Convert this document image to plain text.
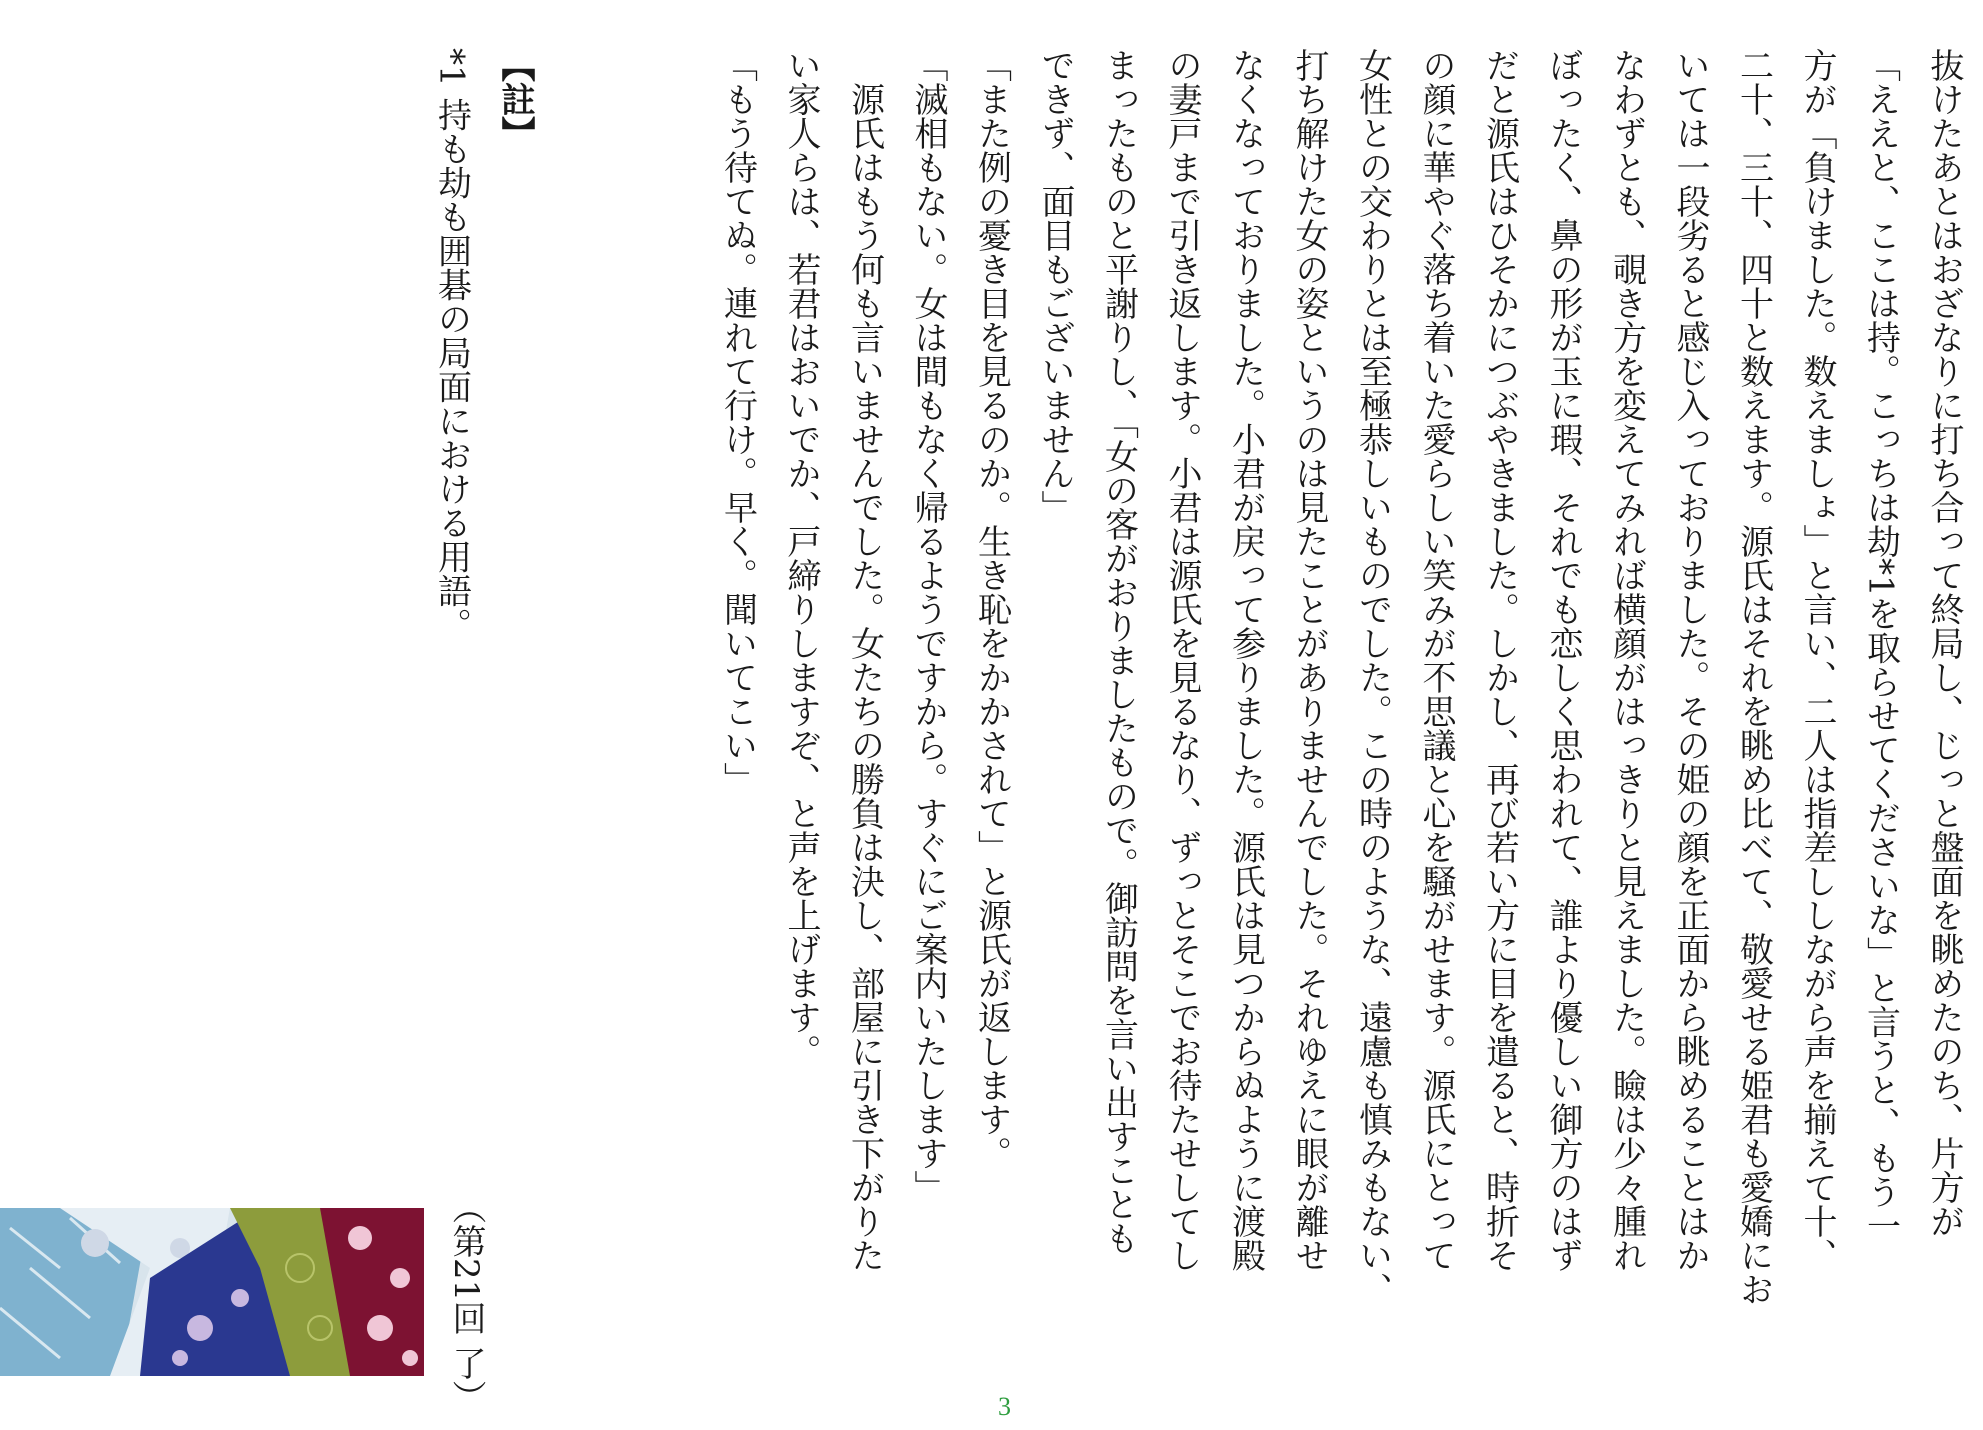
抜けたあとはおざなりに打ち合って終局し、じっと盤面を眺めたのち、片方が
「ええと、ここは持。こっちは劫*1を取らせてくださいな」と言うと、もう一
方が「負けました。数えましょ」と言い、二人は指差ししながら声を揃えて十、
二十、三十、四十と数えます。源氏はそれを眺め比べて、敬愛せる姫君も愛嬌にお
いては一段劣ると感じ入っておりました。その姫の顔を正面から眺めることはか
なわずとも、覗き方を変えてみれば横顔がはっきりと見えました。瞼は少々腫れ
ぼったく、鼻の形が玉に瑕、それでも恋しく思われて、誰より優しい御方のはず
だと源氏はひそかにつぶやきました。しかし、再び若い方に目を遣ると、時折そ
の顔に華やぐ落ち着いた愛らしい笑みが不思議と心を騒がせます。源氏にとって
女性との交わりとは至極恭しいものでした。この時のような、遠慮も慎みもない、
打ち解けた女の姿というのは見たことがありませんでした。それゆえに眼が離せ
なくなっておりました。小君が戻って参りました。源氏は見つからぬように渡殿
の妻戸まで引き返します。小君は源氏を見るなり、ずっとそこでお待たせしてし
まったものと平謝りし、「女の客がおりましたもので。御訪問を言い出すことも
できず、面目もございません」
「また例の憂き目を見るのか。生き恥をかかされて」と源氏が返します。
「滅相もない。女は間もなく帰るようですから。すぐにご案内いたします」
　源氏はもう何も言いませんでした。女たちの勝負は決し、部屋に引き下がりた
い家人らは、若君はおいでか、戸締りしますぞ、と声を上げます。
「もう待てぬ。連れて行け。早く。聞いてこい」
【註】
*1 持も劫も囲碁の局面における用語。
（第21回 了）	3
